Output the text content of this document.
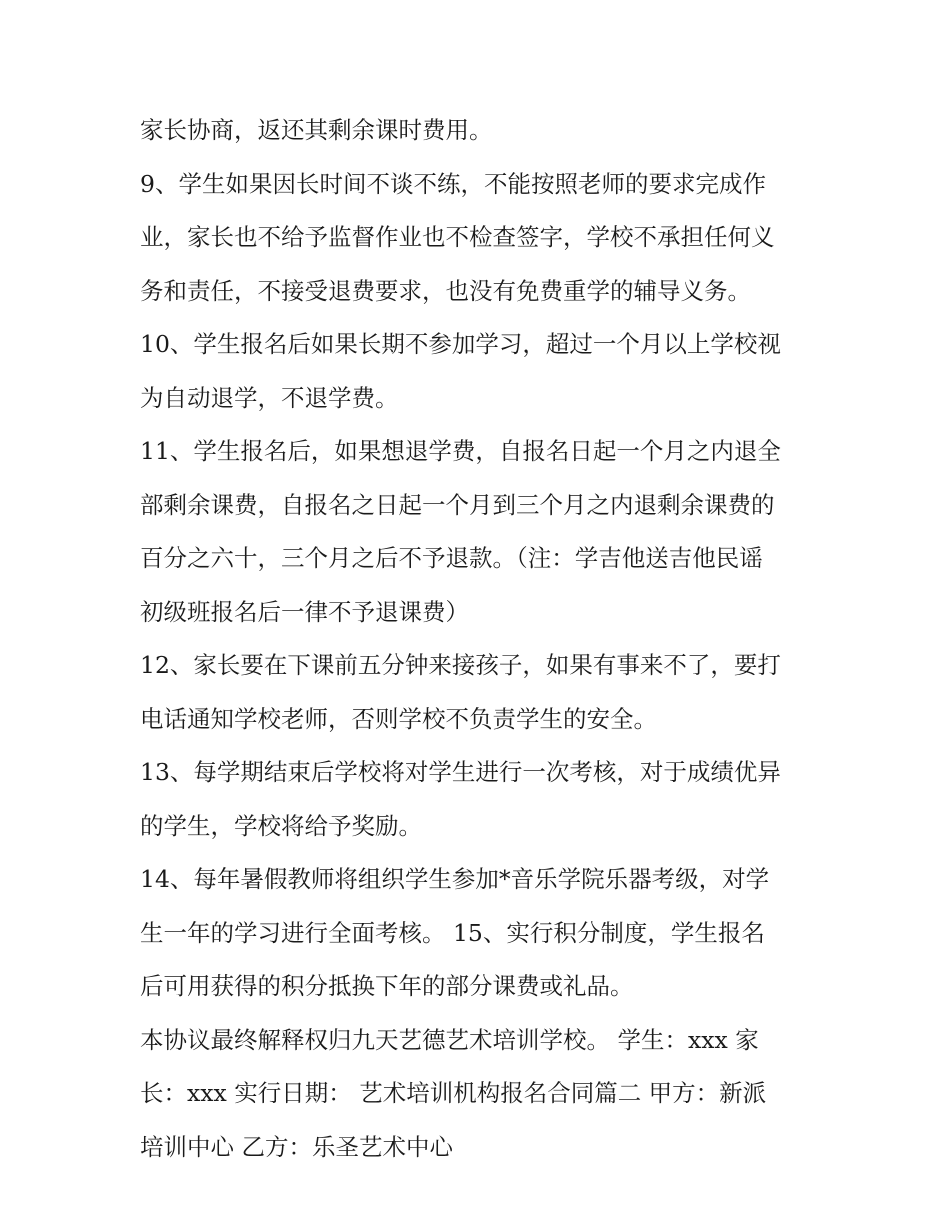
家长协商，返还其剩余课时费用。

9、学生如果因长时间不谈不练，不能按照老师的要求完成作
业，家长也不给予监督作业也不检查签字，学校不承担任何义
务和责任，不接受退费要求，也没有免费重学的辅导义务。

10、学生报名后如果长期不参加学习，超过一个月以上学校视
为自动退学，不退学费。

11、学生报名后，如果想退学费，自报名日起一个月之内退全
部剩余课费，自报名之日起一个月到三个月之内退剩余课费的
百分之六十，三个月之后不予退款。（注：学吉他送吉他民谣
初级班报名后一律不予退课费）

12、家长要在下课前五分钟来接孩子，如果有事来不了，要打
电话通知学校老师，否则学校不负责学生的安全。

13、每学期结束后学校将对学生进行一次考核，对于成绩优异
的学生，学校将给予奖励。

14、每年暑假教师将组织学生参加*音乐学院乐器考级，对学
生一年的学习进行全面考核。 15、实行积分制度，学生报名
后可用获得的积分抵换下年的部分课费或礼品。

本协议最终解释权归九天艺德艺术培训学校。 学生：xxx 家
长：xxx 实行日期： 艺术培训机构报名合同篇二 甲方：新派
培训中心 乙方：乐圣艺术中心
